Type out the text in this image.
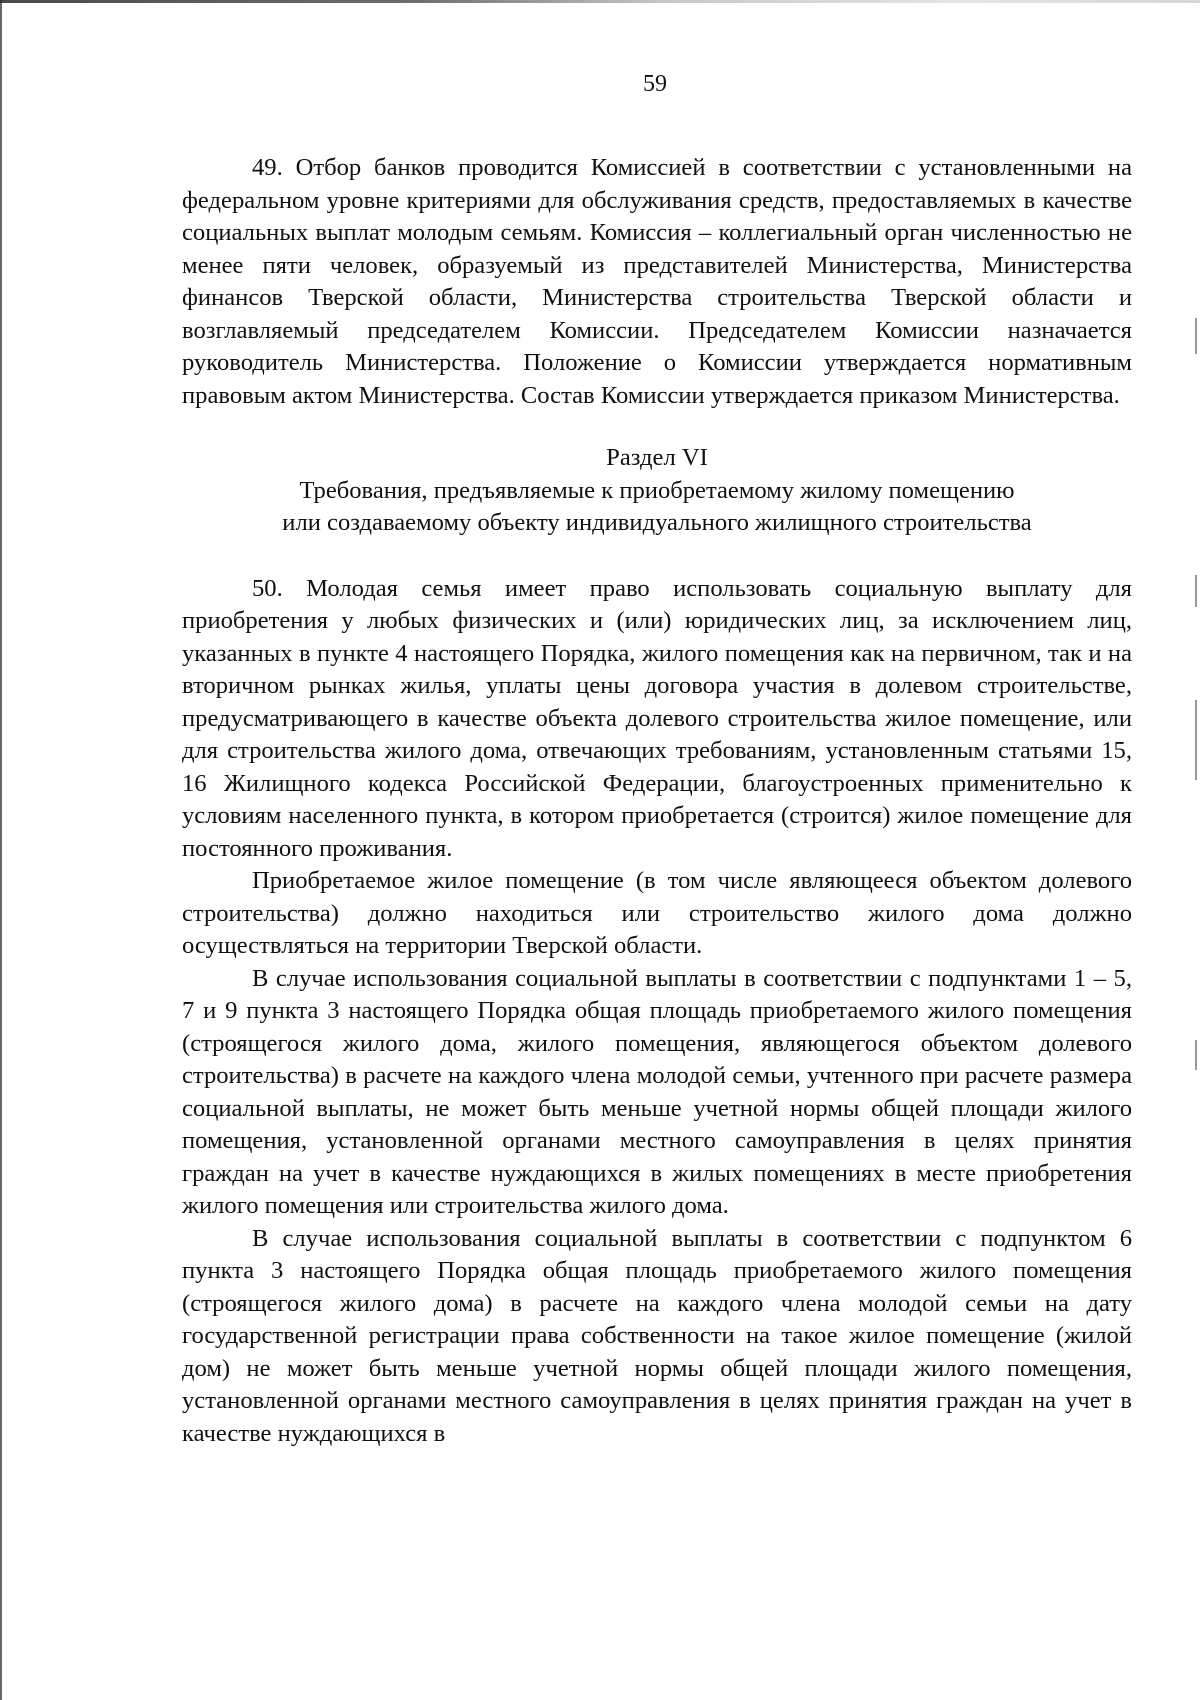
59

49. Отбор банков проводится Комиссией в соответствии с установленными на федеральном уровне критериями для обслуживания средств, предоставляемых в качестве социальных выплат молодым семьям. Комиссия – коллегиальный орган численностью не менее пяти человек, образуемый из представителей Министерства, Министерства финансов Тверской области, Министерства строительства Тверской области и возглавляемый председателем Комиссии. Председателем Комиссии назначается руководитель Министерства. Положение о Комиссии утверждается нормативным правовым актом Министерства. Состав Комиссии утверждается приказом Министерства.

Раздел VI

Требования, предъявляемые к приобретаемому жилому помещению

или создаваемому объекту индивидуального жилищного строительства

50. Молодая семья имеет право использовать социальную выплату для приобретения у любых физических и (или) юридических лиц, за исключением лиц, указанных в пункте 4 настоящего Порядка, жилого помещения как на первичном, так и на вторичном рынках жилья, уплаты цены договора участия в долевом строительстве, предусматривающего в качестве объекта долевого строительства жилое помещение, или для строительства жилого дома, отвечающих требованиям, установленным статьями 15, 16 Жилищного кодекса Российской Федерации, благоустроенных применительно к условиям населенного пункта, в котором приобретается (строится) жилое помещение для постоянного проживания.

Приобретаемое жилое помещение (в том числе являющееся объектом долевого строительства) должно находиться или строительство жилого дома должно осуществляться на территории Тверской области.

В случае использования социальной выплаты в соответствии с подпунктами 1 – 5, 7 и 9 пункта 3 настоящего Порядка общая площадь приобретаемого жилого помещения (строящегося жилого дома, жилого помещения, являющегося объектом долевого строительства) в расчете на каждого члена молодой семьи, учтенного при расчете размера социальной выплаты, не может быть меньше учетной нормы общей площади жилого помещения, установленной органами местного самоуправления в целях принятия граждан на учет в качестве нуждающихся в жилых помещениях в месте приобретения жилого помещения или строительства жилого дома.

В случае использования социальной выплаты в соответствии с подпунктом 6 пункта 3 настоящего Порядка общая площадь приобретаемого жилого помещения (строящегося жилого дома) в расчете на каждого члена молодой семьи на дату государственной регистрации права собственности на такое жилое помещение (жилой дом) не может быть меньше учетной нормы общей площади жилого помещения, установленной органами местного самоуправления в целях принятия граждан на учет в качестве нуждающихся в
